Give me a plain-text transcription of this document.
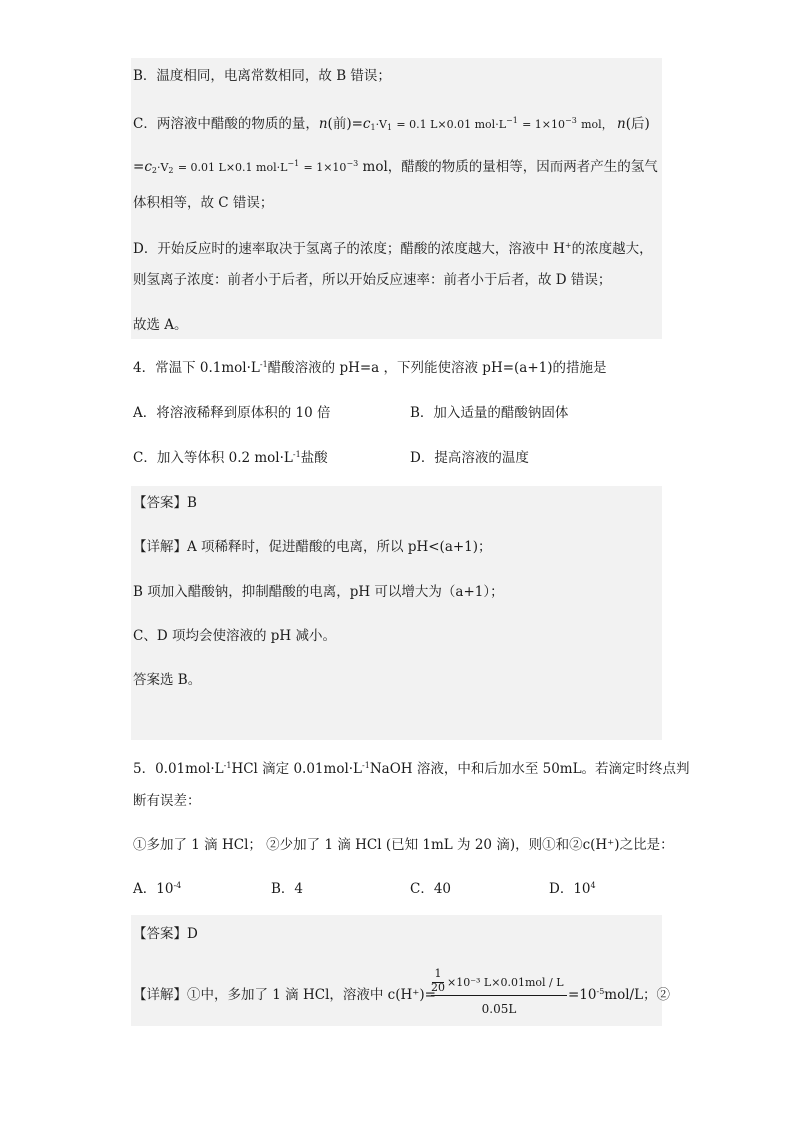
B．温度相同，电离常数相同，故 B 错误；
C．两溶液中醋酸的物质的量，n(前)$=c_1\cdot V_1 = 0.1$ L×0.01 $mol\cdot L^{-1} = 1\times 10^{-3}$ mol， n(后)
$=c_2\cdot V_2 = 0.01$ L×0.1 $mol\cdot L^{-1} = 1\times 10^{-3}$ mol，醋酸的物质的量相等，因而两者产生的氢气
体积相等，故 C 错误；
D．开始反应时的速率取决于氢离子的浓度；醋酸的浓度越大，溶液中 H+的浓度越大，
则氢离子浓度：前者小于后者，所以开始反应速率：前者小于后者，故 D 错误；
故选 A。
4．常温下 $0.1mol\cdot L^{-1}$醋酸溶液的 pH=a ，下列能使溶液 pH=(a+1)的措施是
A．将溶液稀释到原体积的 10 倍	B．加入适量的醋酸钠固体
C．加入等体积 0.2 $mol\cdot L^{-1}$盐酸	D．提高溶液的温度
【答案】B
【详解】A 项稀释时，促进醋酸的电离，所以 pH<(a+1)；
B 项加入醋酸钠，抑制醋酸的电离，pH 可以增大为（a+1）；
C、D 项均会使溶液的 pH 减小。
答案选 B。
5．$0.01mol\cdot L^{-1}HCl$ 滴定 $0.01mol\cdot L^{-1}NaOH$ 溶液，中和后加水至 50mL。若滴定时终点判
断有误差：
①多加了 1 滴 HCl； ②少加了 1 滴 HCl (已知 1mL 为 20 滴)，则①和②c(H⁺)之比是：
A．$10^{-4}$	B．4	C．40	D．$10^4$
【答案】D
【详解】①中，多加了 1 滴 HCl，溶液中 c(H⁺)=
1
20 ×10⁻³ L×0.01mol / L
0.05L
$=10^{-5}mol/L$；②
